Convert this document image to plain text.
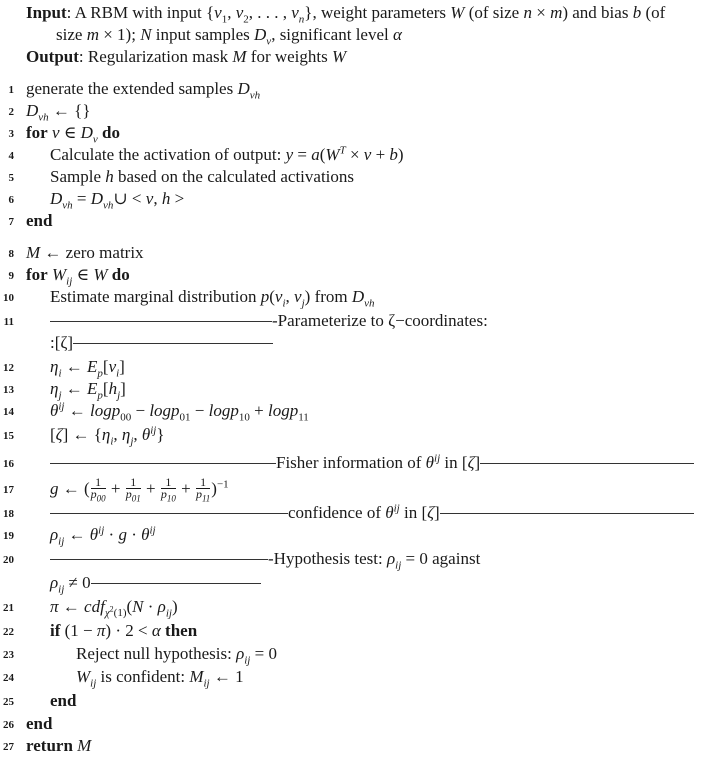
Input: A RBM with input {$v_1$, $v_2$, . . . , $v_n$}, weight parameters W (of size n × m) and bias b (of
size m × 1); N input samples $D_v$, significant level α
Output: Regularization mask M for weights W
1 generate the extended samples $D_{vh}$
2 $D_{vh}$ ← {}
3 for v ∈ $D_v$ do
4 Calculate the activation of output: $y = a(W^T \times v + b)$
5 Sample h based on the calculated activations
6 $D_{vh}$ = $D_{vh}\cup < v$, h >
7 end
8 M ← zero matrix
9 for $W_{ij}$ ∈ W do
10 Estimate marginal distribution $p(v_i$, $v_j$) from $D_{vh}$
11	-Parameterize to ζ−coordinates:
:[ζ]
12 $\eta_i$ ← $E_p[v_i]$
13 $\eta_j$ ← $E_p[h_j]$
14 $\theta^{ij}$ ← logp$_{00}$ − logp$_{01}$ − logp$_{10}$ + logp$_{11}$
15 [ζ] ← {$\eta_i$, $\eta_j$, $\theta^{ij}$}
16	Fisher information of $\theta^{ij}$ in [ζ]
17 g ← ( $\frac{1}{p_{00}} + \frac{1}{p_{01}} + \frac{1}{p_{10}} + \frac{1}{p_{11}} )^{-1}$
18	confidence of $\theta^{ij}$ in [ζ]
19 $\rho_{ij}$ ← $\theta^{ij} \cdot g \cdot \theta^{ij}$
20	-Hypothesis test: $\rho_{ij} = 0$ against
$\rho_{ij} \ne 0$
21 π ← $cdf_{\chi^2(1)}(N \cdot \rho_{ij})$
22 if (1 − π) · 2 < α then
23	Reject null hypothesis: $\rho_{ij} = 0$
24	$W_{ij}$ is confident: $M_{ij}$ ← 1
25 end
26 end
27 return M
